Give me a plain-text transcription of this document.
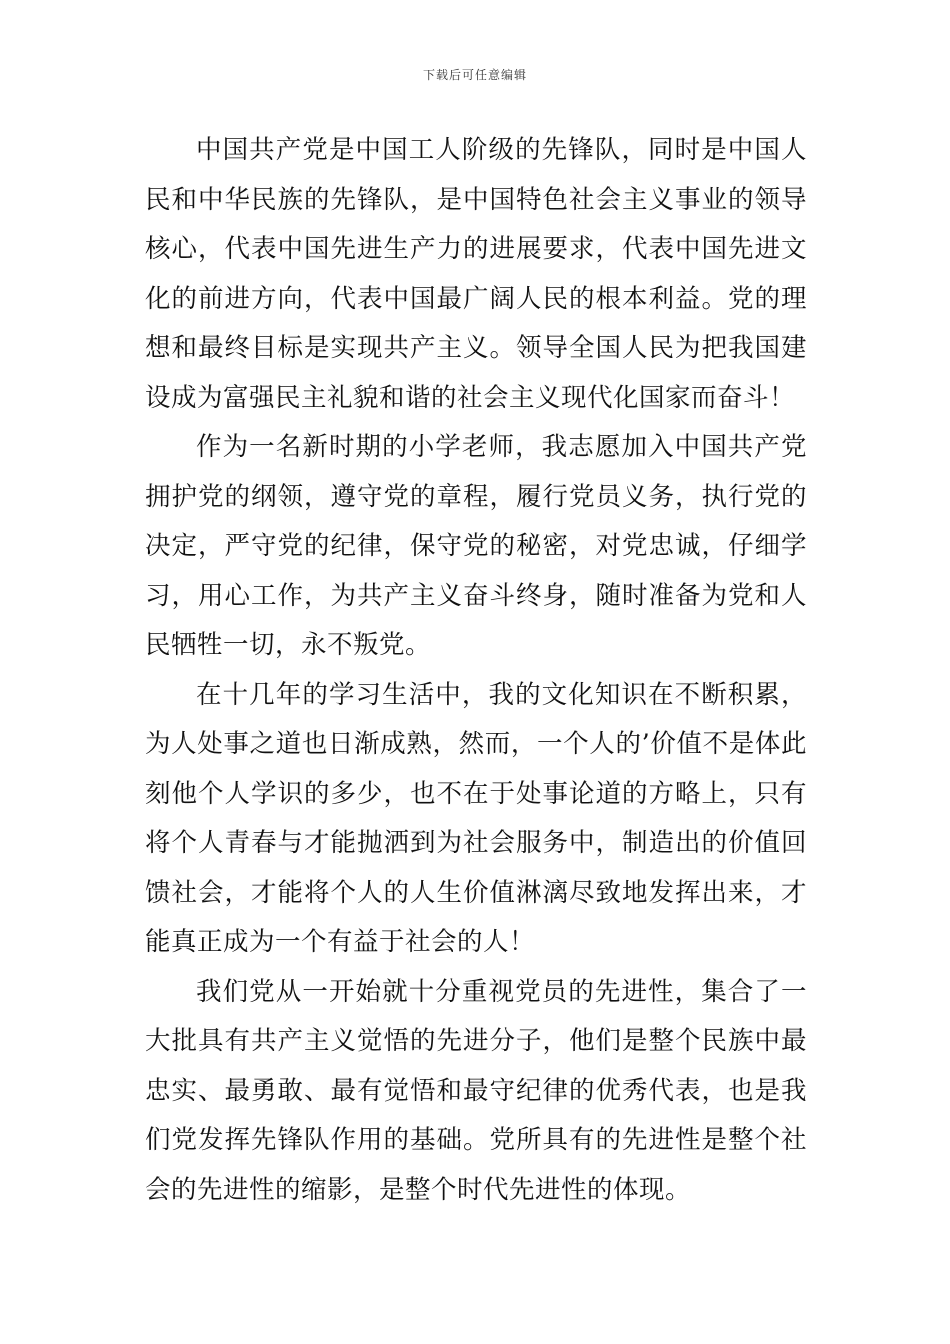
下载后可任意编辑

中国共产党是中国工人阶级的先锋队，同时是中国人民和中华民族的先锋队，是中国特色社会主义事业的领导核心，代表中国先进生产力的进展要求，代表中国先进文化的前进方向，代表中国最广阔人民的根本利益。党的理想和最终目标是实现共产主义。领导全国人民为把我国建设成为富强民主礼貌和谐的社会主义现代化国家而奋斗！

作为一名新时期的小学老师，我志愿加入中国共产党拥护党的纲领，遵守党的章程，履行党员义务，执行党的决定，严守党的纪律，保守党的秘密，对党忠诚，仔细学习，用心工作，为共产主义奋斗终身，随时准备为党和人民牺牲一切，永不叛党。

在十几年的学习生活中，我的文化知识在不断积累，为人处事之道也日渐成熟，然而，一个人的’价值不是体此刻他个人学识的多少，也不在于处事论道的方略上，只有将个人青春与才能抛洒到为社会服务中，制造出的价值回馈社会，才能将个人的人生价值淋漓尽致地发挥出来，才能真正成为一个有益于社会的人！

我们党从一开始就十分重视党员的先进性，集合了一大批具有共产主义觉悟的先进分子，他们是整个民族中最忠实、最勇敢、最有觉悟和最守纪律的优秀代表，也是我们党发挥先锋队作用的基础。党所具有的先进性是整个社会的先进性的缩影，是整个时代先进性的体现。
